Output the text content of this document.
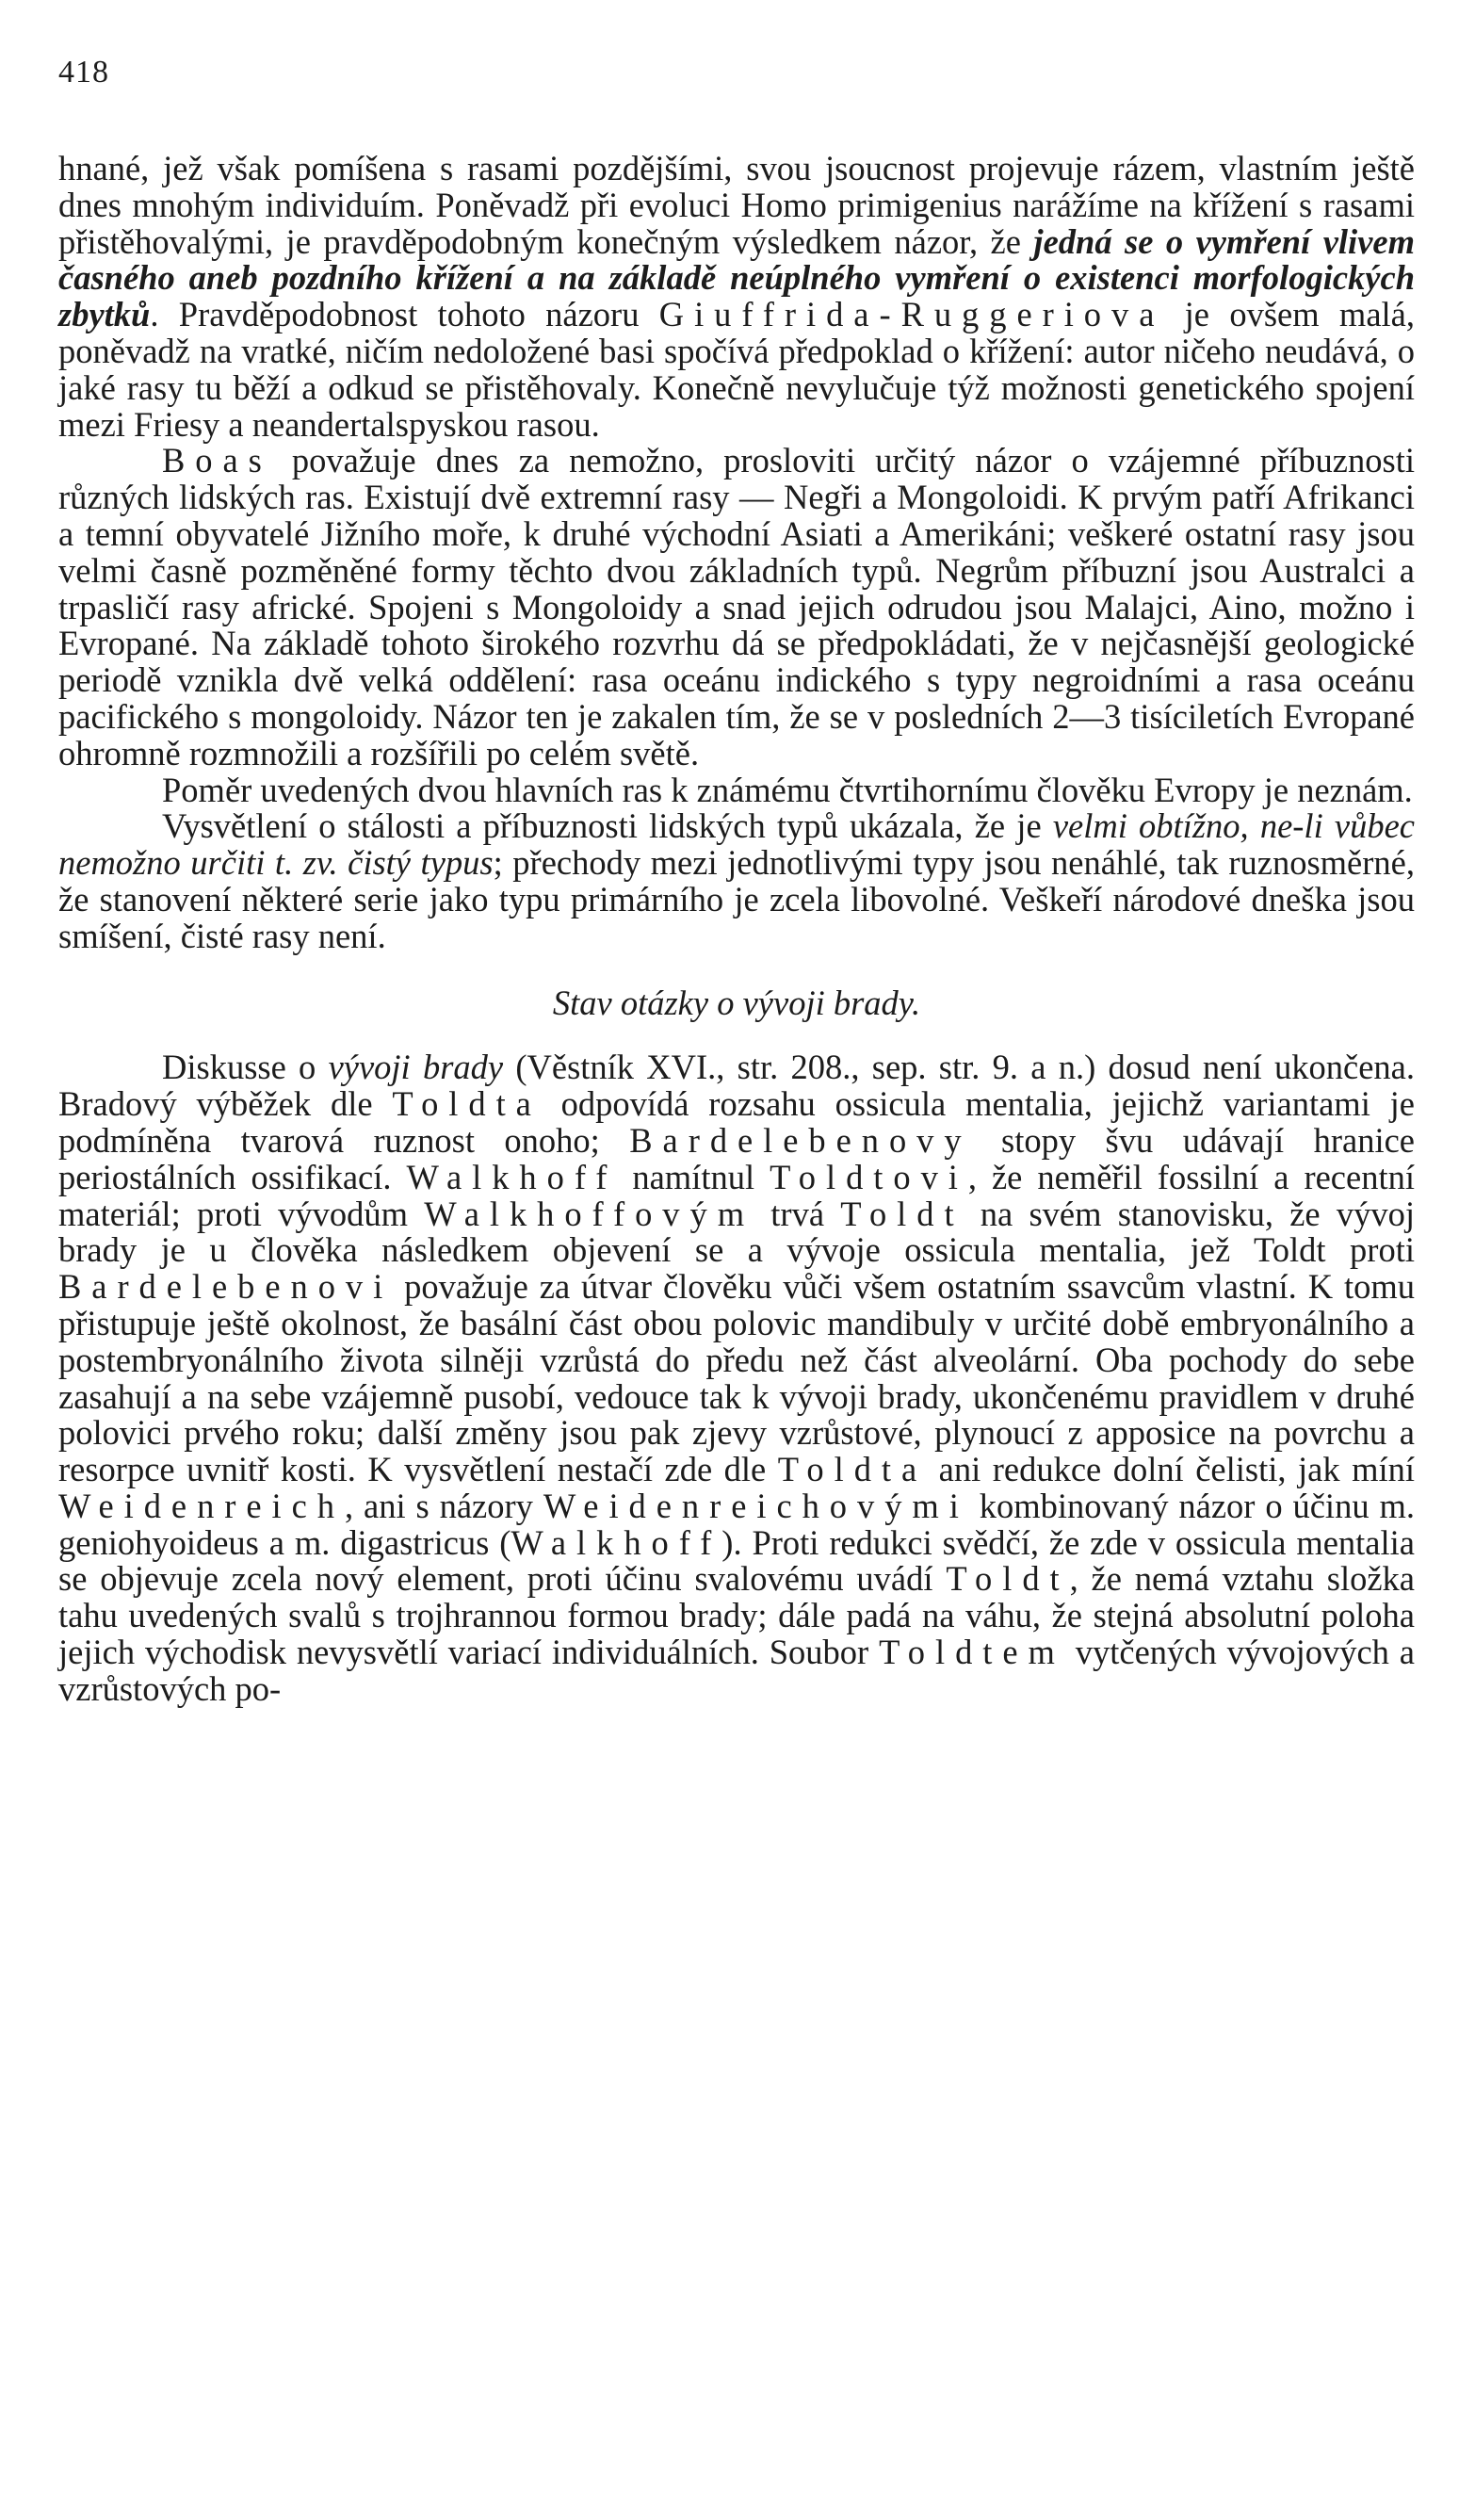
418

hnané, jež však pomíšena s rasami pozdějšími, svou jsoucnost projevuje rázem, vlastním ještě dnes mnohým individuím. Poněvadž při evoluci Homo primigenius narážíme na křížení s rasami přistěhovalými, je pravděpodobným konečným výsledkem názor, že jedná se o vymření vlivem časného aneb pozdního křížení a na základě neúplného vymření o existenci morfologických zbytků. Pravděpodobnost tohoto názoru Giuffrida-Ruggeriova je ovšem malá, poněvadž na vratké, ničím nedoložené basi spočívá předpoklad o křížení: autor ničeho neudává, o jaké rasy tu běží a odkud se přistěhovaly. Konečně nevylučuje týž možnosti genetického spojení mezi Friesy a neandertalspyskou rasou.

Boas považuje dnes za nemožno, prosloviti určitý názor o vzájemné příbuznosti různých lidských ras. Existují dvě extremní rasy — Negři a Mongoloidi. K prvým patří Afrikanci a temní obyvatelé Jižního moře, k druhé východní Asiati a Amerikáni; veškeré ostatní rasy jsou velmi časně pozměněné formy těchto dvou základních typů. Negrům příbuzní jsou Australci a trpasličí rasy africké. Spojeni s Mongoloidy a snad jejich odrudou jsou Malajci, Aino, možno i Evropané. Na základě tohoto širokého rozvrhu dá se předpokládati, že v nejčasnější geologické periodě vznikla dvě velká oddělení: rasa oceánu indického s typy negroidními a rasa oceánu pacifického s mongoloidy. Názor ten je zakalen tím, že se v posledních 2—3 tisíciletích Evropané ohromně rozmnožili a rozšířili po celém světě.

Poměr uvedených dvou hlavních ras k známému čtvrtihornímu člověku Evropy je neznám.

Vysvětlení o stálosti a příbuznosti lidských typů ukázala, že je velmi obtížno, ne-li vůbec nemožno určiti t. zv. čistý typus; přechody mezi jednotlivými typy jsou nenáhlé, tak ruznosměrné, že stanovení některé serie jako typu primárního je zcela libovolné. Veškeří národové dneška jsou smíšení, čisté rasy není.

Stav otázky o vývoji brady.

Diskusse o vývoji brady (Věstník XVI., str. 208., sep. str. 9. a n.) dosud není ukončena. Bradový výběžek dle Toldta odpovídá rozsahu ossicula mentalia, jejichž variantami je podmíněna tvarová ruznost onoho; Bardelebenovy stopy švu udávají hranice periostálních ossifikací. Walkhoff namítnul Toldtovi, že neměřil fossilní a recentní materiál; proti vývodům Walkhoffovým trvá Toldt na svém stanovisku, že vývoj brady je u člověka následkem objevení se a vývoje ossicula mentalia, jež Toldt proti Bardelebenovi považuje za útvar člověku vůči všem ostatním ssavcům vlastní. K tomu přistupuje ještě okolnost, že basální část obou polovic mandibuly v určité době embryonálního a postembryonálního života silněji vzrůstá do předu než část alveolární. Oba pochody do sebe zasahují a na sebe vzájemně pusobí, vedouce tak k vývoji brady, ukončenému pravidlem v druhé polovici prvého roku; další změny jsou pak zjevy vzrůstové, plynoucí z apposice na povrchu a resorpce uvnitř kosti. K vysvětlení nestačí zde dle Toldta ani redukce dolní čelisti, jak míní Weidenreich, ani s názory Weidenreichovými kombinovaný názor o účinu m. geniohyoideus a m. digastricus (Walkhoff). Proti redukci svědčí, že zde v ossicula mentalia se objevuje zcela nový element, proti účinu svalovému uvádí Toldt, že nemá vztahu složka tahu uvedených svalů s trojhrannou formou brady; dále padá na váhu, že stejná absolutní poloha jejich východisk nevysvětlí variací individuálních. Soubor Toldtem vytčených vývojových a vzrůstových po-
